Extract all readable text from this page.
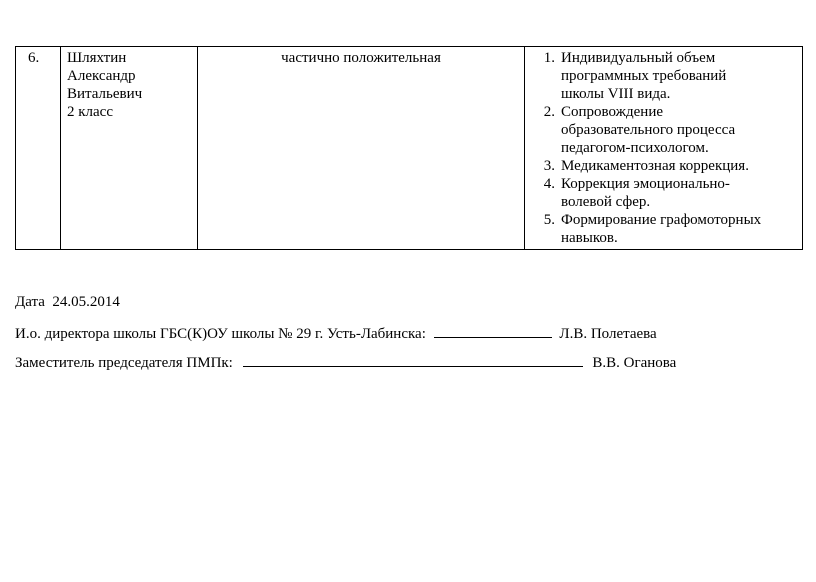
6.	Шляхтин
Александр
Витальевич
2 класс
	частично положительная	1. Индивидуальный объем
программных требований
школы VIII вида.
2. Сопровождение
образовательного процесса
педагогом-психологом.
3. Медикаментозная коррекция.
4. Коррекция эмоционально-
волевой сфер.
5. Формирование графомоторных
навыков.
Дата 24.05.2014
И.о. директора школы ГБС(К)ОУ школы № 29 г. Усть-Лабинска:	Л.В. Полетаева
Заместитель председателя ПМПк:	В.В. Оганова
